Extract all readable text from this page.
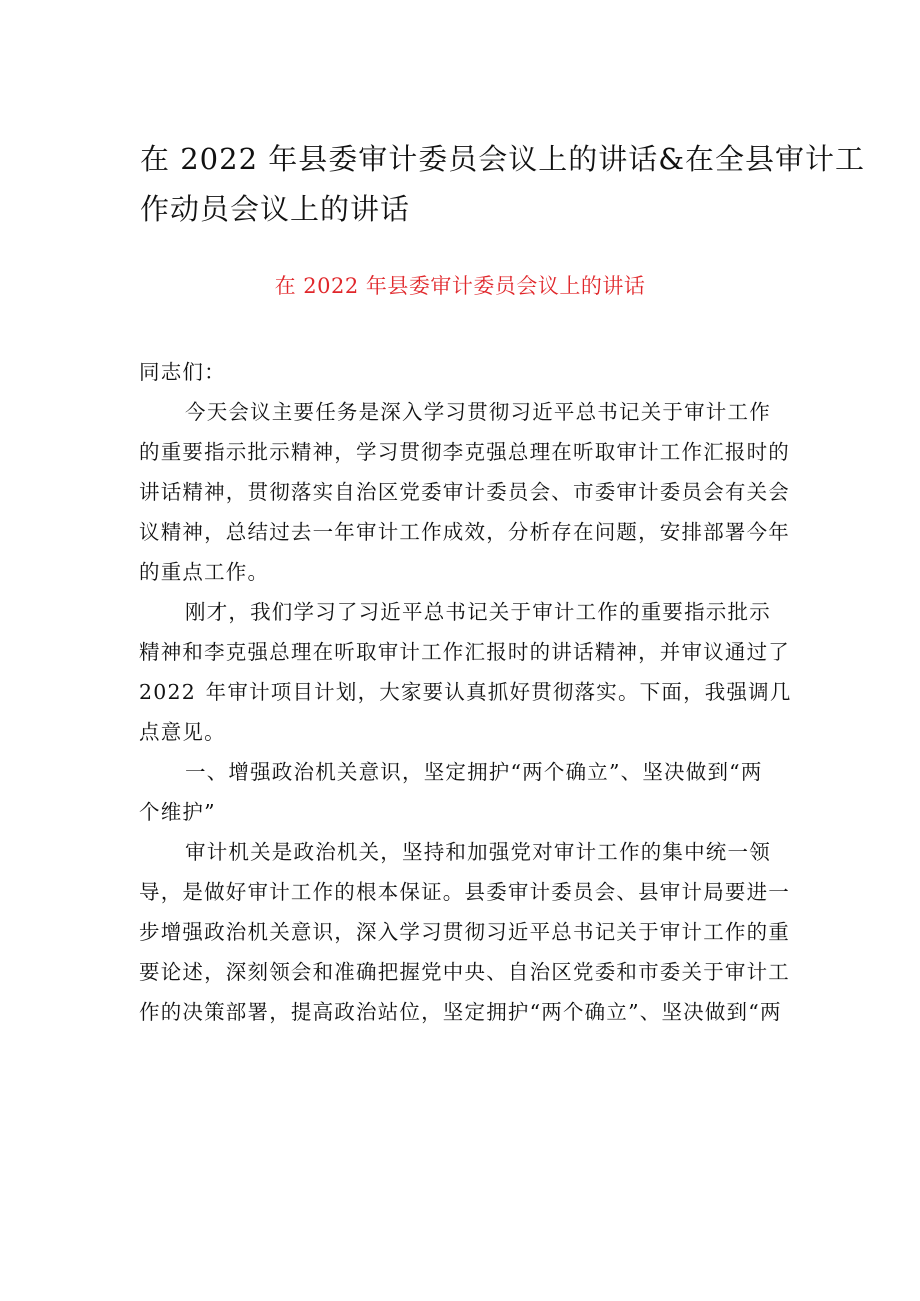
在 2022 年县委审计委员会议上的讲话&在全县审计工
作动员会议上的讲话
在 2022 年县委审计委员会议上的讲话
同志们：
今天会议主要任务是深入学习贯彻习近平总书记关于审计工作
的重要指示批示精神，学习贯彻李克强总理在听取审计工作汇报时的
讲话精神，贯彻落实自治区党委审计委员会、市委审计委员会有关会
议精神，总结过去一年审计工作成效，分析存在问题，安排部署今年
的重点工作。
刚才，我们学习了习近平总书记关于审计工作的重要指示批示
精神和李克强总理在听取审计工作汇报时的讲话精神，并审议通过了
2022 年审计项目计划，大家要认真抓好贯彻落实。下面，我强调几
点意见。
一、增强政治机关意识，坚定拥护“两个确立”、坚决做到“两
个维护”
审计机关是政治机关，坚持和加强党对审计工作的集中统一领
导，是做好审计工作的根本保证。县委审计委员会、县审计局要进一
步增强政治机关意识，深入学习贯彻习近平总书记关于审计工作的重
要论述，深刻领会和准确把握党中央、自治区党委和市委关于审计工
作的决策部署，提高政治站位，坚定拥护“两个确立”、坚决做到“两
